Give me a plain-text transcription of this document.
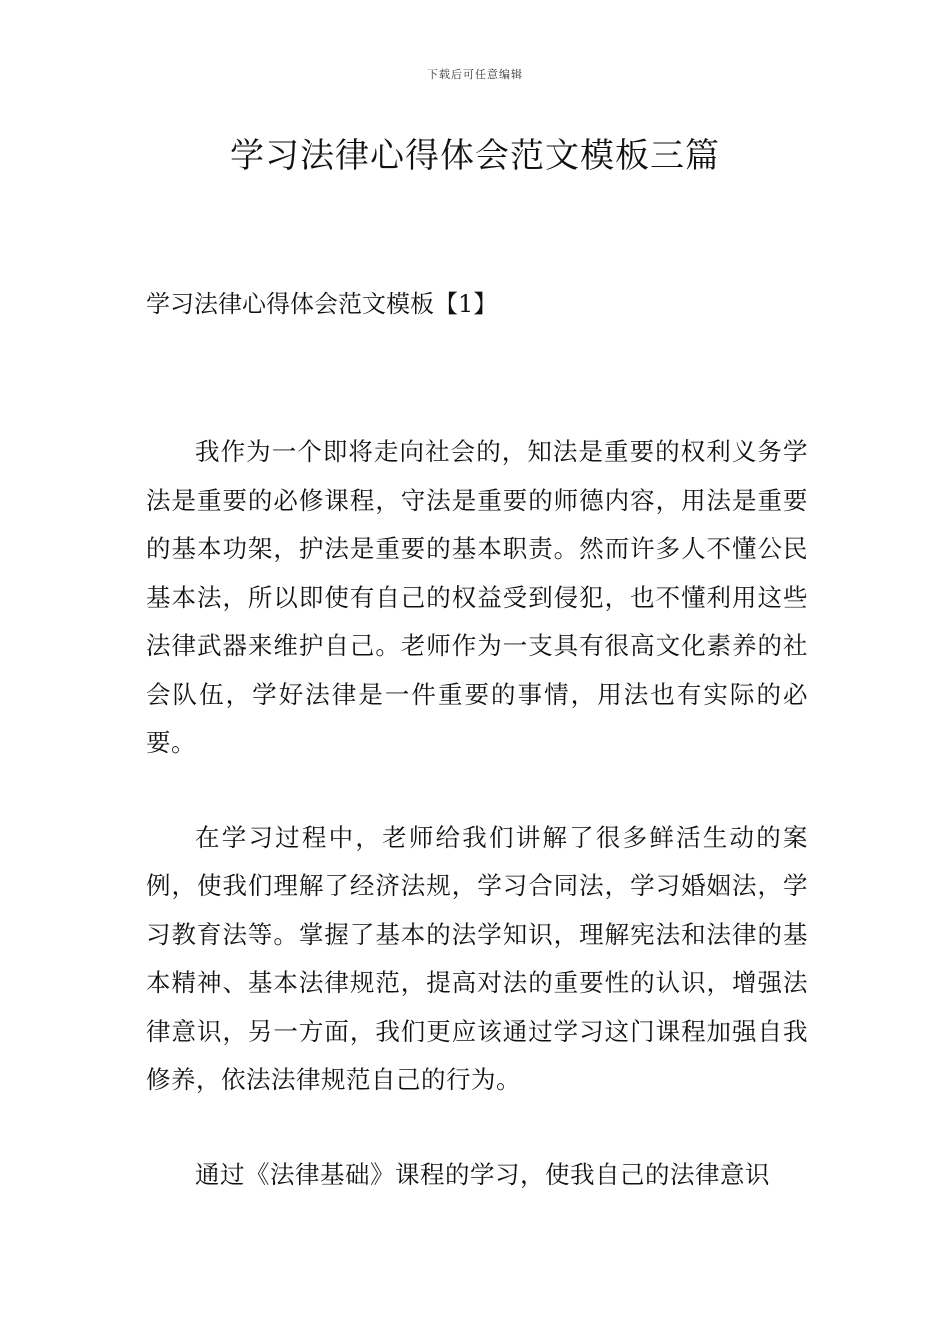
下载后可任意编辑
学习法律心得体会范文模板三篇
学习法律心得体会范文模板【1】

我作为一个即将走向社会的，知法是重要的权利义务学法是重要的必修课程，守法是重要的师德内容，用法是重要的基本功架，护法是重要的基本职责。然而许多人不懂公民基本法，所以即使有自己的权益受到侵犯，也不懂利用这些法律武器来维护自己。老师作为一支具有很高文化素养的社会队伍，学好法律是一件重要的事情，用法也有实际的必要。

在学习过程中，老师给我们讲解了很多鲜活生动的案例，使我们理解了经济法规，学习合同法，学习婚姻法，学习教育法等。掌握了基本的法学知识，理解宪法和法律的基本精神、基本法律规范，提高对法的重要性的认识，增强法律意识，另一方面，我们更应该通过学习这门课程加强自我修养，依法法律规范自己的行为。

通过《法律基础》课程的学习，使我自己的法律意识
